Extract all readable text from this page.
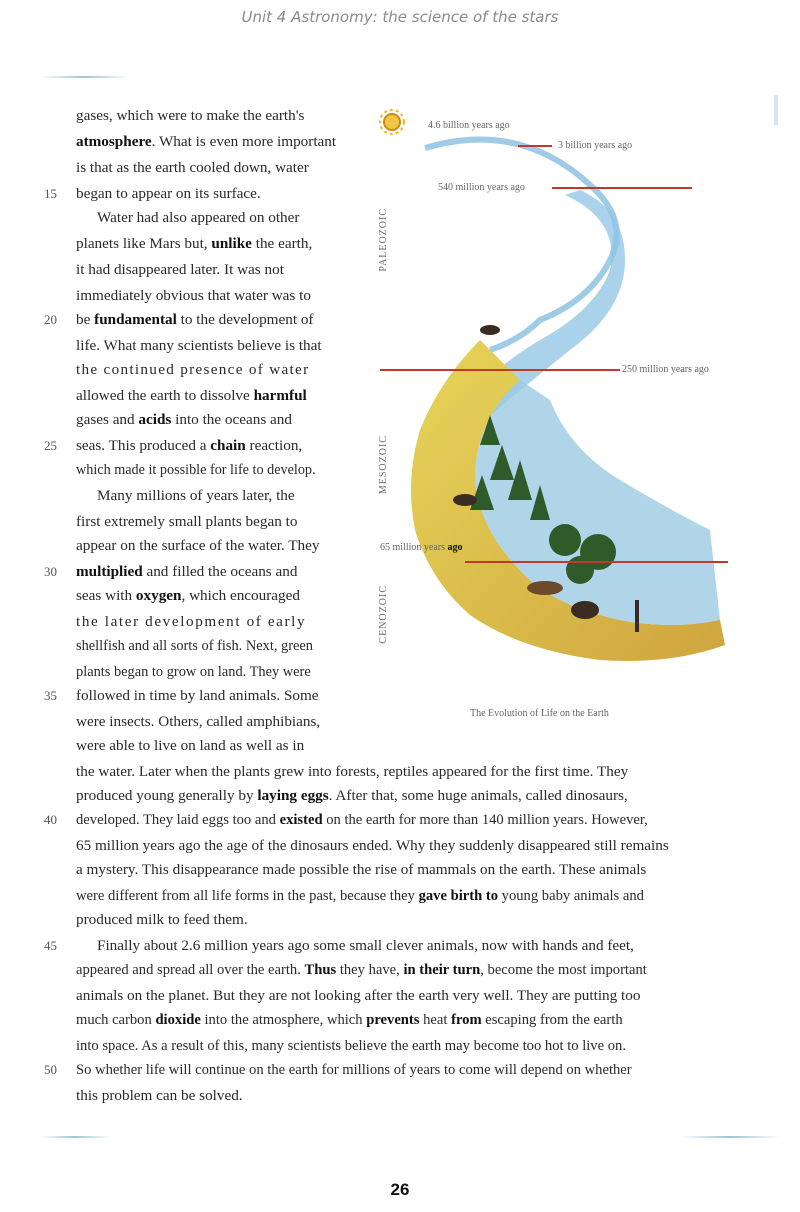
Unit 4 Astronomy: the science of the stars
gases, which were to make the earth's
atmosphere. What is even more important
is that as the earth cooled down, water
15 began to appear on its surface.
Water had also appeared on other
planets like Mars but, unlike the earth,
it had disappeared later. It was not
immediately obvious that water was to
20 be fundamental to the development of
life. What many scientists believe is that
the continued presence of water
allowed the earth to dissolve harmful
gases and acids into the oceans and
25 seas. This produced a chain reaction,
which made it possible for life to develop.
Many millions of years later, the
first extremely small plants began to
appear on the surface of the water. They
30 multiplied and filled the oceans and
seas with oxygen, which encouraged
the later development of early
shellfish and all sorts of fish. Next, green
plants began to grow on land. They were
35 followed in time by land animals. Some
were insects. Others, called amphibians,
were able to live on land as well as in
4.6 billion years ago
3 billion years ago
540 million years ago
250 million years ago
65 million years ago
PALEOZOIC
MESOZOIC
CENOZOIC
The Evolution of Life on the Earth
the water. Later when the plants grew into forests, reptiles appeared for the first time. They
produced young generally by laying eggs. After that, some huge animals, called dinosaurs,
40 developed. They laid eggs too and existed on the earth for more than 140 million years. However,
65 million years ago the age of the dinosaurs ended. Why they suddenly disappeared still remains
a mystery. This disappearance made possible the rise of mammals on the earth. These animals
were different from all life forms in the past, because they gave birth to young baby animals and
produced milk to feed them.
45	Finally about 2.6 million years ago some small clever animals, now with hands and feet,
appeared and spread all over the earth. Thus they have, in their turn, become the most important
animals on the planet. But they are not looking after the earth very well. They are putting too
much carbon dioxide into the atmosphere, which prevents heat from escaping from the earth
into space. As a result of this, many scientists believe the earth may become too hot to live on.
50 So whether life will continue on the earth for millions of years to come will depend on whether
this problem can be solved.
26
